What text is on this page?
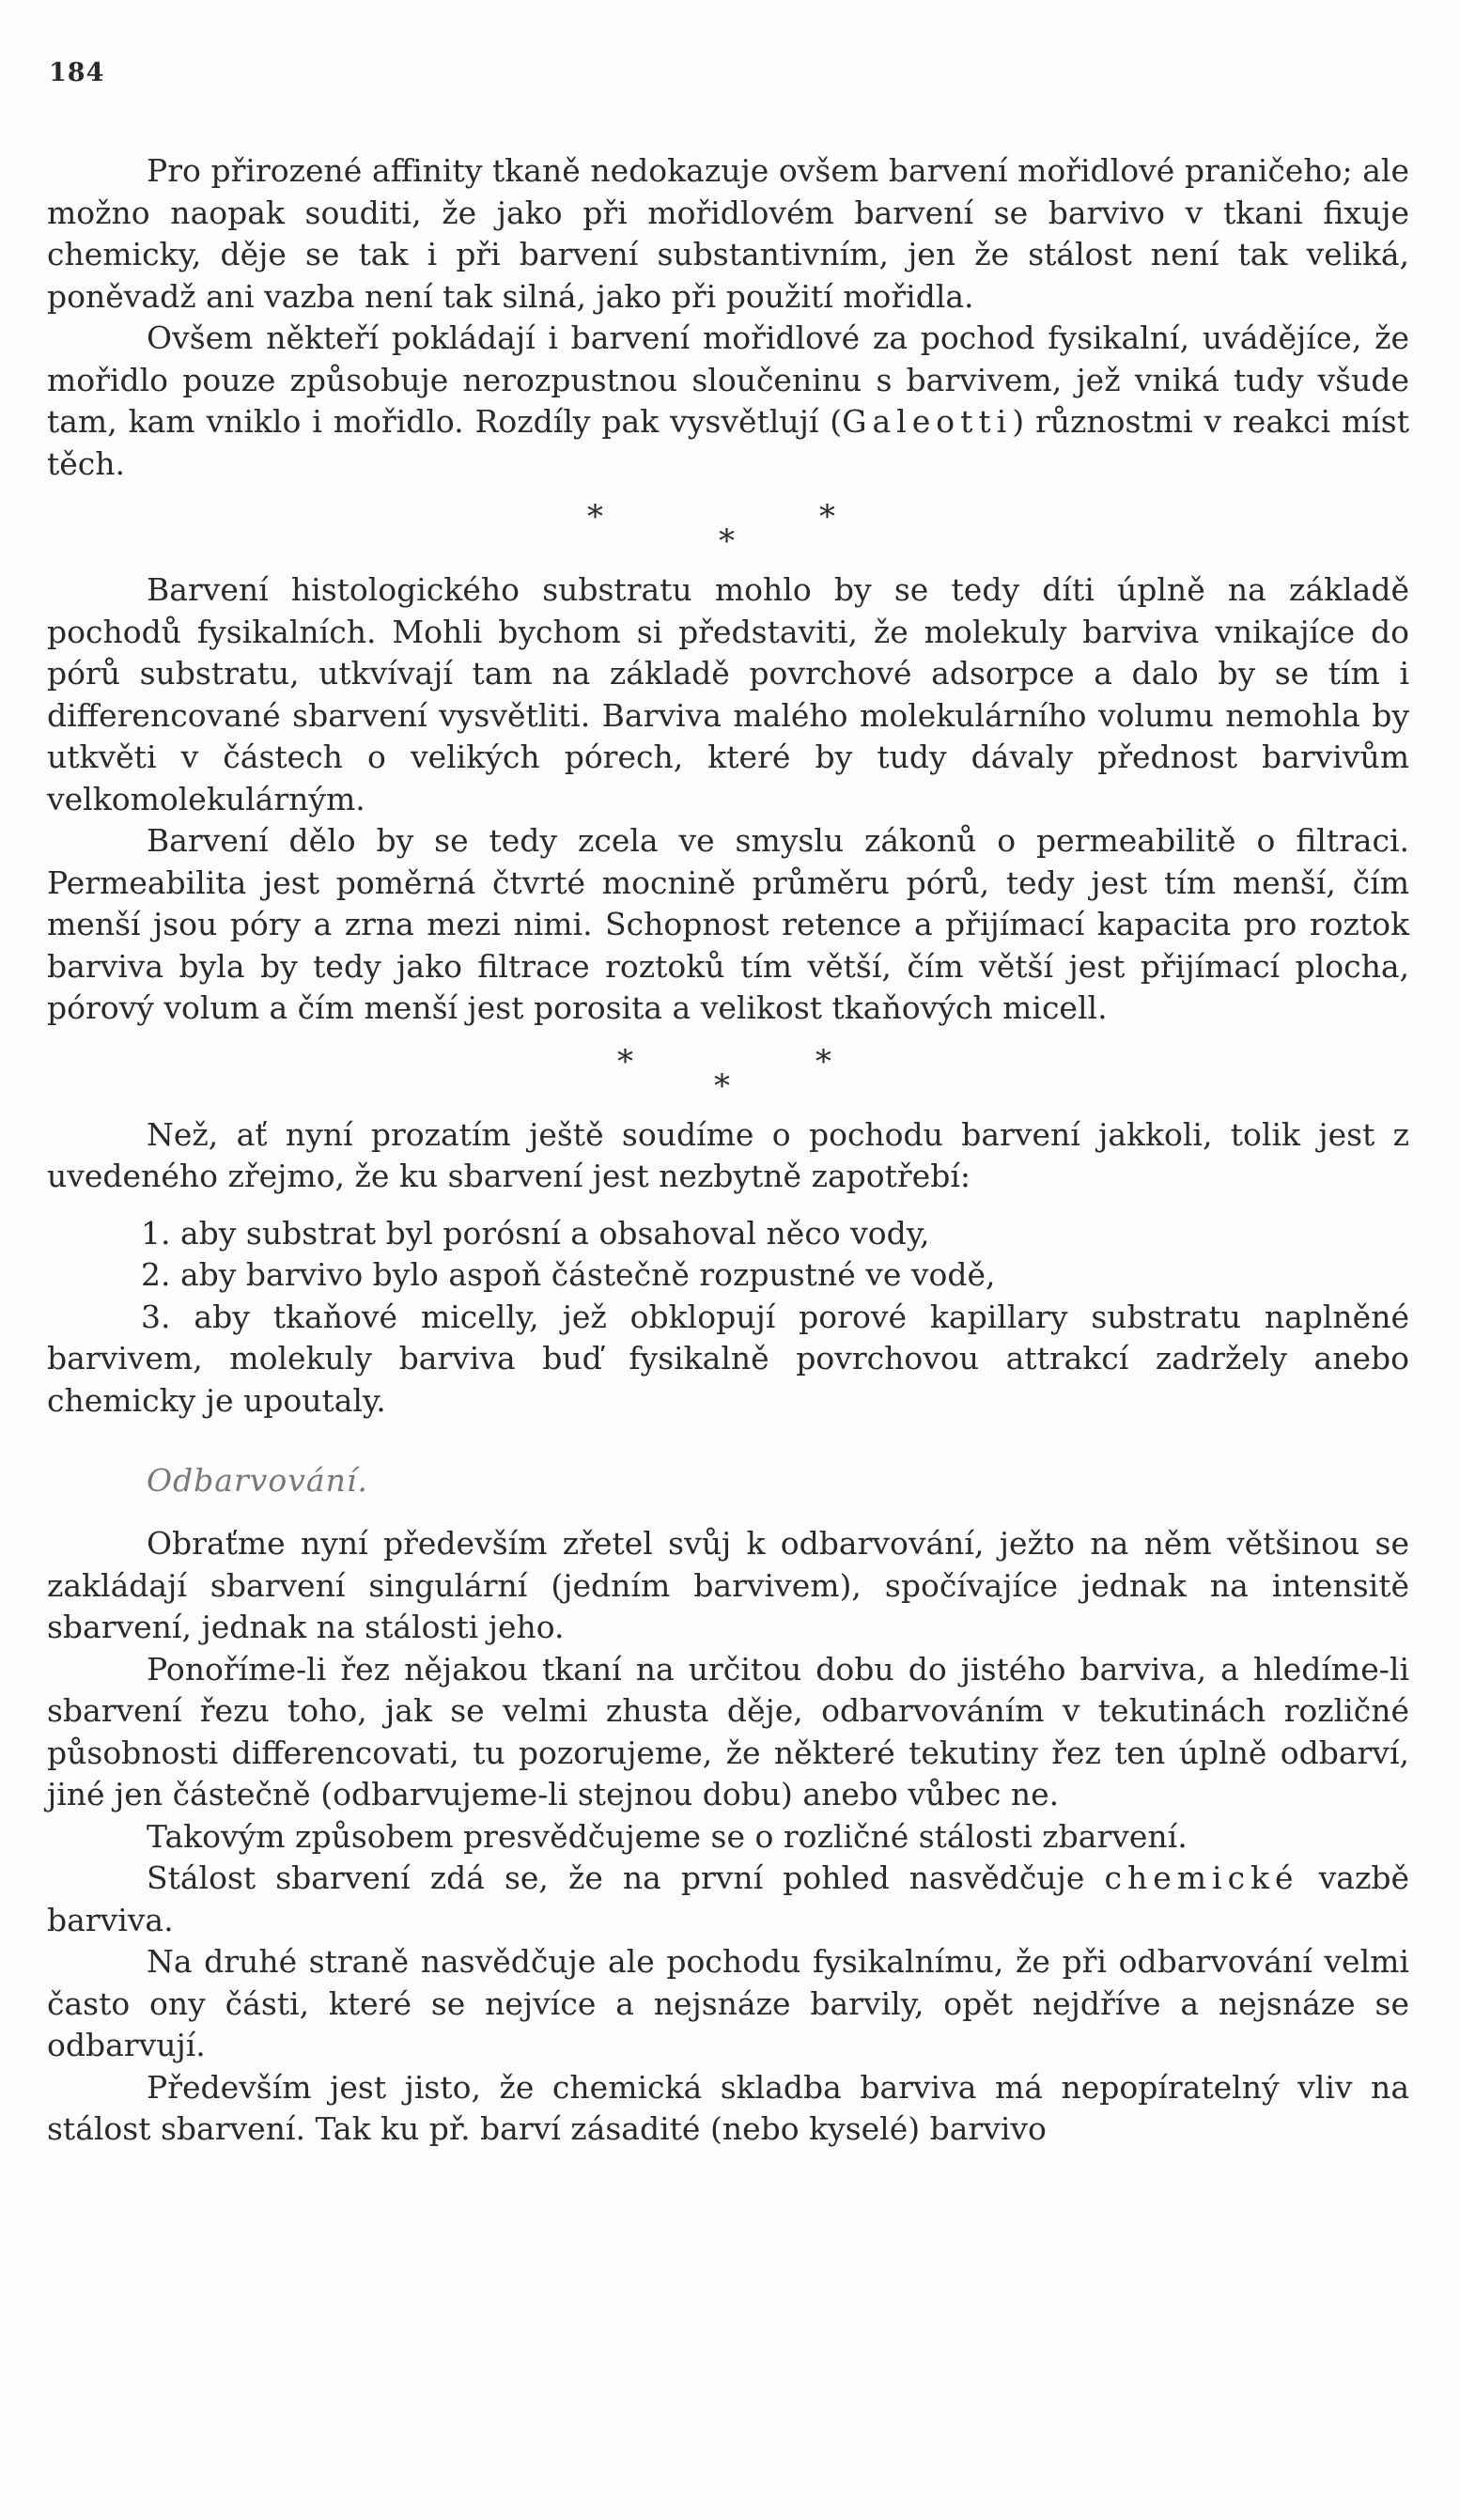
184

Pro přirozené affinity tkaně nedokazuje ovšem barvení mořidlové praničeho; ale možno naopak souditi, že jako při mořidlovém barvení se barvivo v tkani fixuje chemicky, děje se tak i při barvení substantivním, jen že stálost není tak veliká, poněvadž ani vazba není tak silná, jako při použití mořidla.

Ovšem někteří pokládají i barvení mořidlové za pochod fysikalní, uvádějíce, že mořidlo pouze způsobuje nerozpustnou sloučeninu s barvivem, jež vniká tudy všude tam, kam vniklo i mořidlo. Rozdíly pak vysvětlují (Galeotti) různostmi v reakci míst těch.

*
*
*

Barvení histologického substratu mohlo by se tedy díti úplně na základě pochodů fysikalních. Mohli bychom si představiti, že molekuly barviva vnikajíce do pórů substratu, utkvívají tam na základě povrchové adsorpce a dalo by se tím i differencované sbarvení vysvětliti. Barviva malého molekulárního volumu nemohla by utkvěti v částech o velikých pórech, které by tudy dávaly přednost barvivům velkomolekulárným.

Barvení dělo by se tedy zcela ve smyslu zákonů o permeabilitě o filtraci. Permeabilita jest poměrná čtvrté mocnině průměru pórů, tedy jest tím menší, čím menší jsou póry a zrna mezi nimi. Schopnost retence a přijímací kapacita pro roztok barviva byla by tedy jako filtrace roztoků tím větší, čím větší jest přijímací plocha, pórový volum a čím menší jest porosita a velikost tkaňových micell.

*
*
*

Než, ať nyní prozatím ještě soudíme o pochodu barvení jakkoli, tolik jest z uvedeného zřejmo, že ku sbarvení jest nezbytně zapotřebí:

1. aby substrat byl porósní a obsahoval něco vody,

2. aby barvivo bylo aspoň částečně rozpustné ve vodě,

3. aby tkaňové micelly, jež obklopují porové kapillary substratu naplněné barvivem, molekuly barviva buď fysikalně povrchovou attrakcí zadržely anebo chemicky je upoutaly.

Odbarvování.

Obraťme nyní především zřetel svůj k odbarvování, ježto na něm většinou se zakládají sbarvení singulární (jedním barvivem), spočívajíce jednak na intensitě sbarvení, jednak na stálosti jeho.

Ponoříme-li řez nějakou tkaní na určitou dobu do jistého barviva, a hledíme-li sbarvení řezu toho, jak se velmi zhusta děje, odbarvováním v tekutinách rozličné působnosti differencovati, tu pozorujeme, že některé tekutiny řez ten úplně odbarví, jiné jen částečně (odbarvujeme-li stejnou dobu) anebo vůbec ne.

Takovým způsobem presvědčujeme se o rozličné stálosti zbarvení.

Stálost sbarvení zdá se, že na první pohled nasvědčuje chemické vazbě barviva.

Na druhé straně nasvědčuje ale pochodu fysikalnímu, že při odbarvování velmi často ony části, které se nejvíce a nejsnáze barvily, opět nejdříve a nejsnáze se odbarvují.

Především jest jisto, že chemická skladba barviva má nepopíratelný vliv na stálost sbarvení. Tak ku př. barví zásadité (nebo kyselé) barvivo
